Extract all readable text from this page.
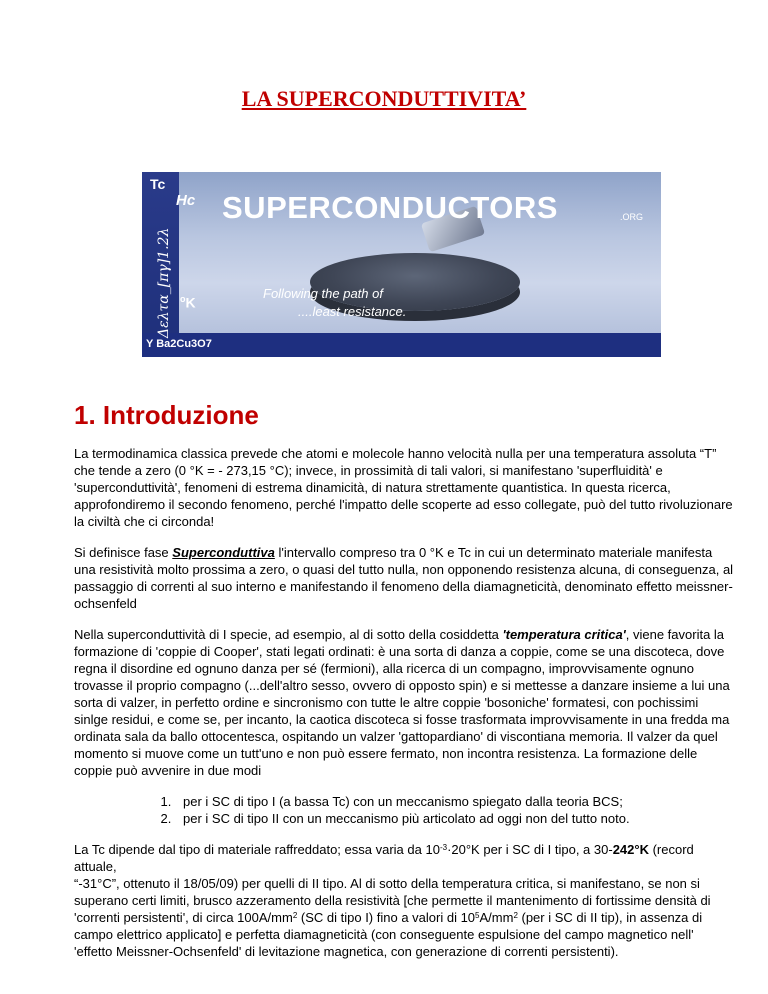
LA SUPERCONDUTTIVITA’
Tc
Hc
Δελτα_[πγ]1.2λ $^o$K
SUPERCONDUCTORS	.ORG
Following the path of
....least resistance.
Y Ba2Cu3O7
1. Introduzione

La termodinamica classica prevede che atomi e molecole hanno velocità nulla per una temperatura assoluta “T” che tende a zero (0 °K = - 273,15 °C); invece, in prossimità di tali valori, si manifestano 'superfluidità' e 'superconduttività', fenomeni di estrema dinamicità, di natura strettamente quantistica. In questa ricerca, approfondiremo il secondo fenomeno, perché l'impatto delle scoperte ad esso collegate, può del tutto rivoluzionare la civiltà che ci circonda!

Si definisce fase Superconduttiva l'intervallo compreso tra 0 °K e Tc in cui un determinato materiale manifesta una resistività molto prossima a zero, o quasi del tutto nulla, non opponendo resistenza alcuna, di conseguenza, al passaggio di correnti al suo interno e manifestando il fenomeno della diamagneticità, denominato effetto meissner-ochsenfeld

Nella superconduttività di I specie, ad esempio, al di sotto della cosiddetta 'temperatura critica', viene favorita la formazione di 'coppie di Cooper', stati legati ordinati: è una sorta di danza a coppie, come se una discoteca, dove regna il disordine ed ognuno danza per sé (fermioni), alla ricerca di un compagno, improvvisamente ognuno trovasse il proprio compagno (...dell'altro sesso, ovvero di opposto spin) e si mettesse a danzare insieme a lui una sorta di valzer, in perfetto ordine e sincronismo con tutte le altre coppie 'bosoniche' formatesi, con pochissimi sinlge residui, e come se, per incanto, la caotica discoteca si fosse trasformata improvvisamente in una fredda ma ordinata sala da ballo ottocentesca, ospitando un valzer 'gattopardiano' di viscontiana memoria. Il valzer da quel momento si muove come un tutt'uno e non può essere fermato, non incontra resistenza. La formazione delle coppie può avvenire in due modi

1. per i SC di tipo I (a bassa Tc) con un meccanismo spiegato dalla teoria BCS;
2. per i SC di tipo II con un meccanismo più articolato ad oggi non del tutto noto.

La Tc dipende dal tipo di materiale raffreddato; essa varia da $10^{-3}\cdot 20^\circ K$ per i SC di I tipo, a 30-242°K (record attuale,
“-31°C”, ottenuto il 18/05/09) per quelli di II tipo. Al di sotto della temperatura critica, si manifestano, se non si superano certi limiti, brusco azzeramento della resistività [che permette il mantenimento di fortissime densità di 'correnti persistenti', di circa $100A/mm^2$ (SC di tipo I) fino a valori di $10^5A/mm^2$ (per i SC di II tip), in assenza di campo elettrico applicato] e perfetta diamagneticità (con conseguente espulsione del campo magnetico nell' 'effetto Meissner-Ochsenfeld' di levitazione magnetica, con generazione di correnti persistenti).
